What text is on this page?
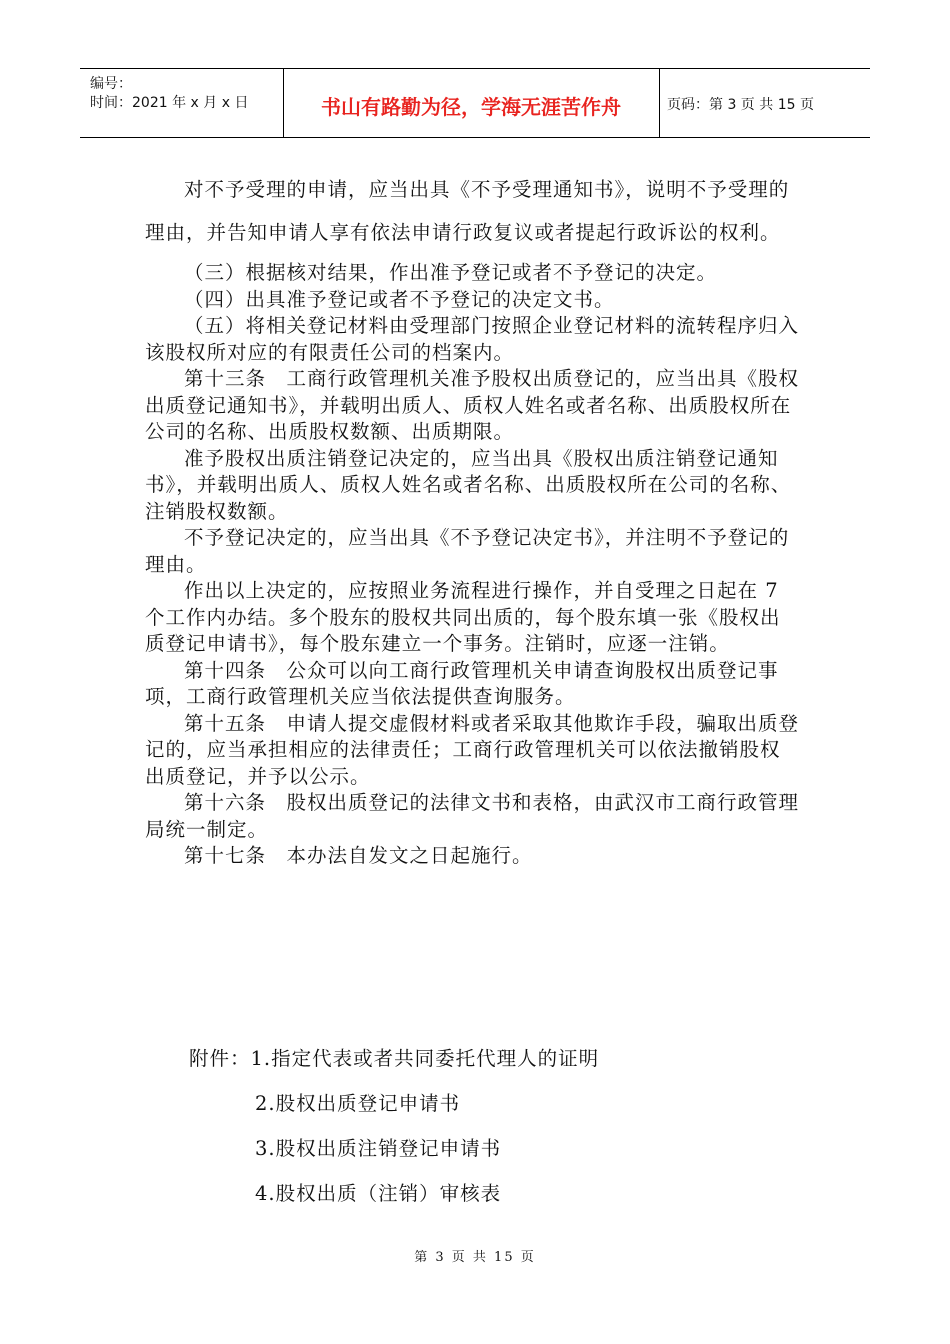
编号：
时间：2021 年 x 月 x 日	书山有路勤为径，学海无涯苦作舟	页码：第 3 页 共 15 页

对不予受理的申请，应当出具《不予受理通知书》，说明不予受理的理由，并告知申请人享有依法申请行政复议或者提起行政诉讼的权利。

（三）根据核对结果，作出准予登记或者不予登记的决定。

（四）出具准予登记或者不予登记的决定文书。

（五）将相关登记材料由受理部门按照企业登记材料的流转程序归入该股权所对应的有限责任公司的档案内。

第十三条　工商行政管理机关准予股权出质登记的，应当出具《股权出质登记通知书》，并载明出质人、质权人姓名或者名称、出质股权所在公司的名称、出质股权数额、出质期限。

准予股权出质注销登记决定的，应当出具《股权出质注销登记通知书》，并载明出质人、质权人姓名或者名称、出质股权所在公司的名称、注销股权数额。

不予登记决定的，应当出具《不予登记决定书》，并注明不予登记的理由。

作出以上决定的，应按照业务流程进行操作，并自受理之日起在 7 个工作内办结。多个股东的股权共同出质的，每个股东填一张《股权出质登记申请书》，每个股东建立一个事务。注销时，应逐一注销。

第十四条　公众可以向工商行政管理机关申请查询股权出质登记事项，工商行政管理机关应当依法提供查询服务。

第十五条　申请人提交虚假材料或者采取其他欺诈手段，骗取出质登记的，应当承担相应的法律责任；工商行政管理机关可以依法撤销股权出质登记，并予以公示。

第十六条　股权出质登记的法律文书和表格，由武汉市工商行政管理局统一制定。

第十七条　本办法自发文之日起施行。

附件：1.指定代表或者共同委托代理人的证明
2.股权出质登记申请书
3.股权出质注销登记申请书
4.股权出质（注销）审核表
第 3 页 共 15 页
